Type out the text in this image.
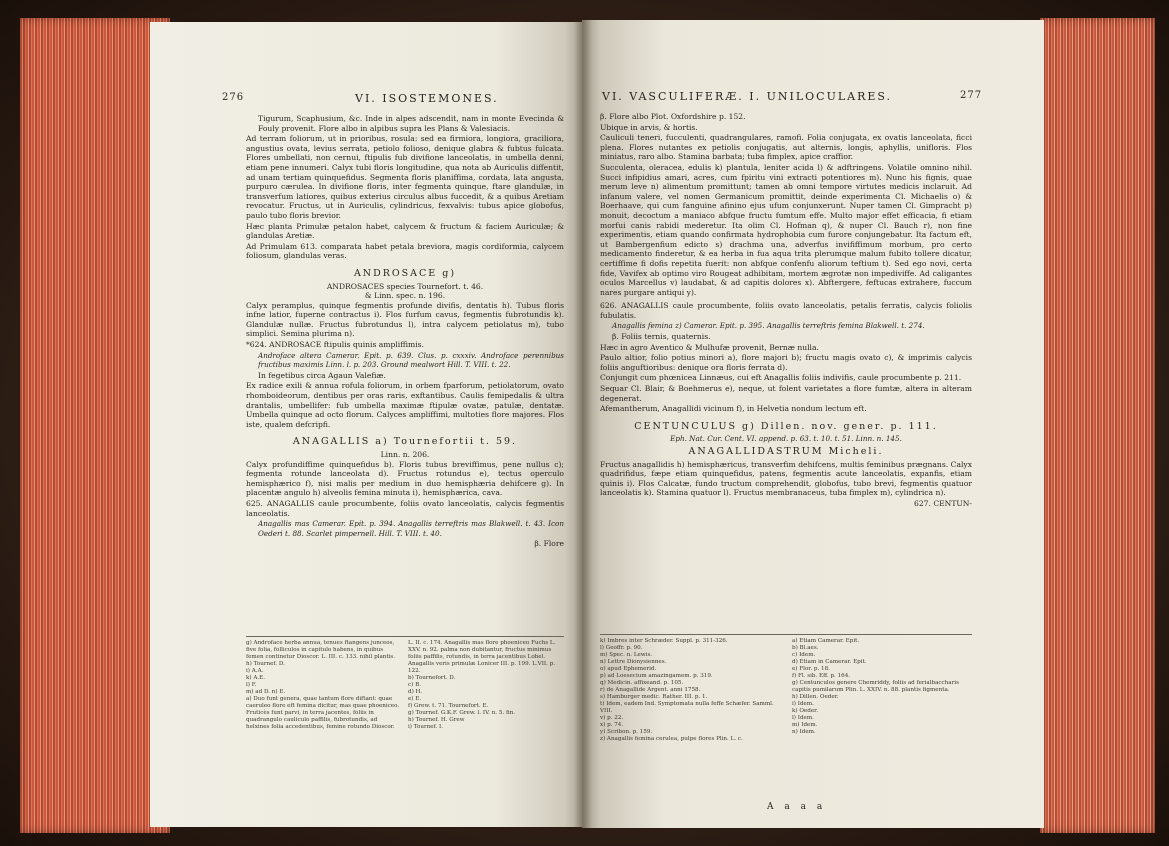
276	VI. ISOSTEMONES.

Tigurum, Scaphusium, &c. Inde in alpes adscendit, nam in monte Evecinda & Fouly provenit. Flore albo in alpibus supra les Plans & Valesiacis.

Ad terram foliorum, ut in prioribus, rosula: sed ea firmiora, longiora, graciliora, angustius ovata, levius serrata, petiolo folioso, denique glabra & fubtus fulcata. Flores umbellati, non cernui, ftipulis fub divifione lanceolatis, in umbella denni, etiam pene innumeri. Calyx tubi floris longitudine, qua nota ab Auriculis diffentit, ad unam tertiam quinquefidus. Segmenta floris planiffima, cordata, lata angusta, purpuro cærulea. In divifione floris, inter fegmenta quinque, ftare glandulæ, in transverfum latiores, quibus exterius circulus albus fuccedit, & a quibus Aretiam revocatur. Fructus, ut in Auriculis, cylindricus, fexvalvis: tubus apice globofus, paulo tubo floris brevior.

Hæc planta Primulæ petalon habet, calycem & fructum & faciem Auriculæ; & glandulas Aretiæ.

Ad Primulam 613. comparata habet petala breviora, magis cordiformia, calycem foliosum, glandulas veras.

ANDROSACE g)
ANDROSACES species Tournefort. t. 46.
& Linn. spec. n. 196.

Calyx peramplus, quinque fegmentis profunde divifis, dentatis h). Tubus floris infne latior, fuperne contractus i). Flos furfum cavus, fegmentis fubrotundis k). Glandulæ nullæ. Fructus fubrotundus l), intra calycem petiolatus m), tubo simplici. Semina plurima n).

*624. ANDROSACE ftipulis quinis ampliffimis.

Androface altera Camerar. Epit. p. 639. Clus. p. cxxxiv. Androface perennibus fructibus maximis Linn. l. p. 203. Ground mealwort Hill. T. VIII. t. 22.

In fegetibus circa Agaun Valefiæ.

Ex radice exili & annua rofula foliorum, in orbem fparforum, petiolatorum, ovato rhomboideorum, dentibus per oras raris, exftantibus. Caulis femipedalis & ultra drantalis, umbellifer: fub umbella maximæ ftipulæ ovatæ, patulæ, dentatæ. Umbella quinque ad octo florum. Calyces ampliffimi, multoties flore majores. Flos iste, qualem defcripfi.

ANAGALLIS a) Tournefortii t. 59.
Linn. n. 206.

Calyx profundiffime quinquefidus b). Floris tubus breviffimus, pene nullus c); fegmenta rotunde lanceolata d). Fructus rotundus e), tectus operculo hemisphærico f), nisi malis per medium in duo hemisphæria dehifcere g). In placentæ angulo h) alveolis femina minuta i), hemisphærica, cava.

625. ANAGALLIS caule procumbente, foliis ovato lanceolatis, calycis fegmentis lanceolatis.

Anagallis mas Camerar. Epit. p. 394. Anagallis terreftris mas Blakwell. t. 43. Icon Oederi t. 88. Scarlet pimpernell. Hill. T. VIII. t. 40.

β. Flore

g) Androface herba annua, tenues ftangens junceos, five folia, folliculos in capitulo habens, in quibus femen continetur Dioscor. L. III. c. 133. nihil plantis.

h) Tournef. D.

i) A.A.

k) A.E.

l) F.

m) ad D. n) E.

a) Duo funt genera, quae tantum flore diftant: quae caeruleo flore eft femina dicitur, mas quae phoeniceo. Fruticès funt parvi, in terra jacentes, foliis in quadrangulo cauliculo paffilis, fubrotundis, ad helxines folia accedentibus, femine rotundo Dioscor.

L. II. c. 174. Anagallis mas flore phoeniceo Fuchs L. XXV. n. 92. palma non dubitantur, fructus minimus foliis paffilis, rotundis, in terra jacentibus Lobel. Anagallis veris primulæ Lonicer III. p. 199. L.VII. p. 122.

b) Tournefort. D.

c) B.

d) H.

e) E.

f) Grew. t. 71. Tournefort. E.

g) Tournef. G.K.F. Grew. l. IV. n. 5. fin.

h) Tournef. H. Grew

i) Tournef. I.

VI. VASCULIFERÆ. I. UNILOCULARES.	277

β. Flore albo Plot. Oxfordshire p. 152.

Ubique in arvis, & hortis.

Cauliculi teneri, fucculenti, quadrangulares, ramofi. Folia conjugata, ex ovatis lanceolata, ficci plena. Flores nutantes ex petiolis conjugatis, aut alternis, longis, aphyllis, unifloris. Flos miniatus, raro albo. Stamina barbata; tuba fimplex, apice craffior.

Succulenta, oleracea, edulis k) plantula, leniter acida l) & adftringens. Volatile omnino nihil. Succi infipidius amari, acres, cum fpiritu vini extracti potentiores m). Nunc his fignis, quae merum leve n) alimentum promittunt; tamen ab omni tempore virtutes medicis inclaruit. Ad infanum valere, vel nomen Germanicum promittit, deinde experimenta Cl. Michaelis o) & Boerhaave, qui cum fanguine afinino ejus ufum conjunxerunt. Nuper tamen Cl. Gimpracht p) monuit, decoctum a maniaco abfque fructu fumtum effe. Multo major effet efficacia, fi etiam morfui canis rabidi mederetur. Ita olim Cl. Hofman q), & nuper Cl. Bauch r), non fine experimentis, etiam quando confirmata hydrophobia cum furore conjungebatur. Ita factum eft, ut Bambergenfium edicto s) drachma una, adverfus invififfimum morbum, pro certo medicamento finderetur, & ea herba in fua aqua trita plerumque malum fubito tollere dicatur, certiffime fi dofis repetita fuerit: non abfque confenfu aliorum teftium t). Sed ego novi, certa fide, Vavifex ab optimo viro Rougeat adhibitam, mortem ægrotæ non impediviffe. Ad caligantes oculos Marcellus v) laudabat, & ad capitis dolores x). Abftergere, feftucas extrahere, fuccum nares purgare antiqui y).

626. ANAGALLIS caule procumbente, foliis ovato lanceolatis, petalis ferratis, calycis foliolis fubulatis.

Anagallis femina z) Camerar. Epit. p. 395. Anagallis terreftris femina Blakwell. t. 274.

β. Foliis ternis, quaternis.

Hæc in agro Aventico & Mulhufæ provenit, Bernæ nulla.

Paulo altior, folio potius minori a), flore majori b); fructu magis ovato c), & imprimis calycis foliis anguftioribus: denique ora floris ferrata d).

Conjungit cum phœnicea Linnæus, cui eft Anagallis foliis indivifis, caule procumbente p. 211.

Sequar Cl. Blair, & Boehmerus e), neque, ut folent varietates a flore fumtæ, altera in alteram degenerat.

Afemantherum, Anagallidi vicinum f), in Helvetia nondum lectum eft.

CENTUNCULUS g) Dillen. nov. gener. p. 111.
Eph. Nat. Cur. Cent. VI. append. p. 63. t. 10. t. 51. Linn. n. 145.
ANAGALLIDASTRUM Micheli.

Fructus anagallidis h) hemisphæricus, transverfim dehifcens, multis feminibus prægnans. Calyx quadrifidus, fæpe etiam quinquefidus, patens, fegmentis acute lanceolatis, expanfis, etiam quinis i). Flos Calcatæ, fundo tructum comprehendit, globofus, tubo brevi, fegmentis quatuor lanceolatis k). Stamina quatuor l). Fructus membranaceus, tuba fimplex m), cylindrica n).

627. CENTUN-

k) Imbres inter Schræder. Suppl. p. 311-326.

l) Geoffr. p. 90.

m) Spec. n. Lewis.

n) Lettre Dionysiennes.

o) apud Ephemerid.

p) ad Loesecium amazingamem. p. 319.

q) Medicin. affixeand. p. 105.

r) de Anagallide Argent. anni 1758.

s) Hamburger medic. Rather. III. p. 1.

t) Idem, eadem Ind. Symptomata nulla feffe Schæfer. Samml. VIII.

v) p. 22.

x) p. 74.

y) Scribon. p. 159.

z) Anagallis femina cerulea, pulpe flores Plin. L. c.

a) Etiam Camerar. Epit.

b) Bl.aes.

c) Idem.

d) Etiam in Camerar. Epit.

e) Flor. p. 18.

f) Fl. sib. Eff. p. 164.

g) Centunculos genere Chemriddy, foliis ad ferialbaccharis capitis pumilarum Plin. L. XXIV. n. 88. plantis figmenta.

h) Dillen. Oeder.

i) Idem.

k) Oeder.

l) Idem.

m) Idem.

n) Idem.

A a a a
